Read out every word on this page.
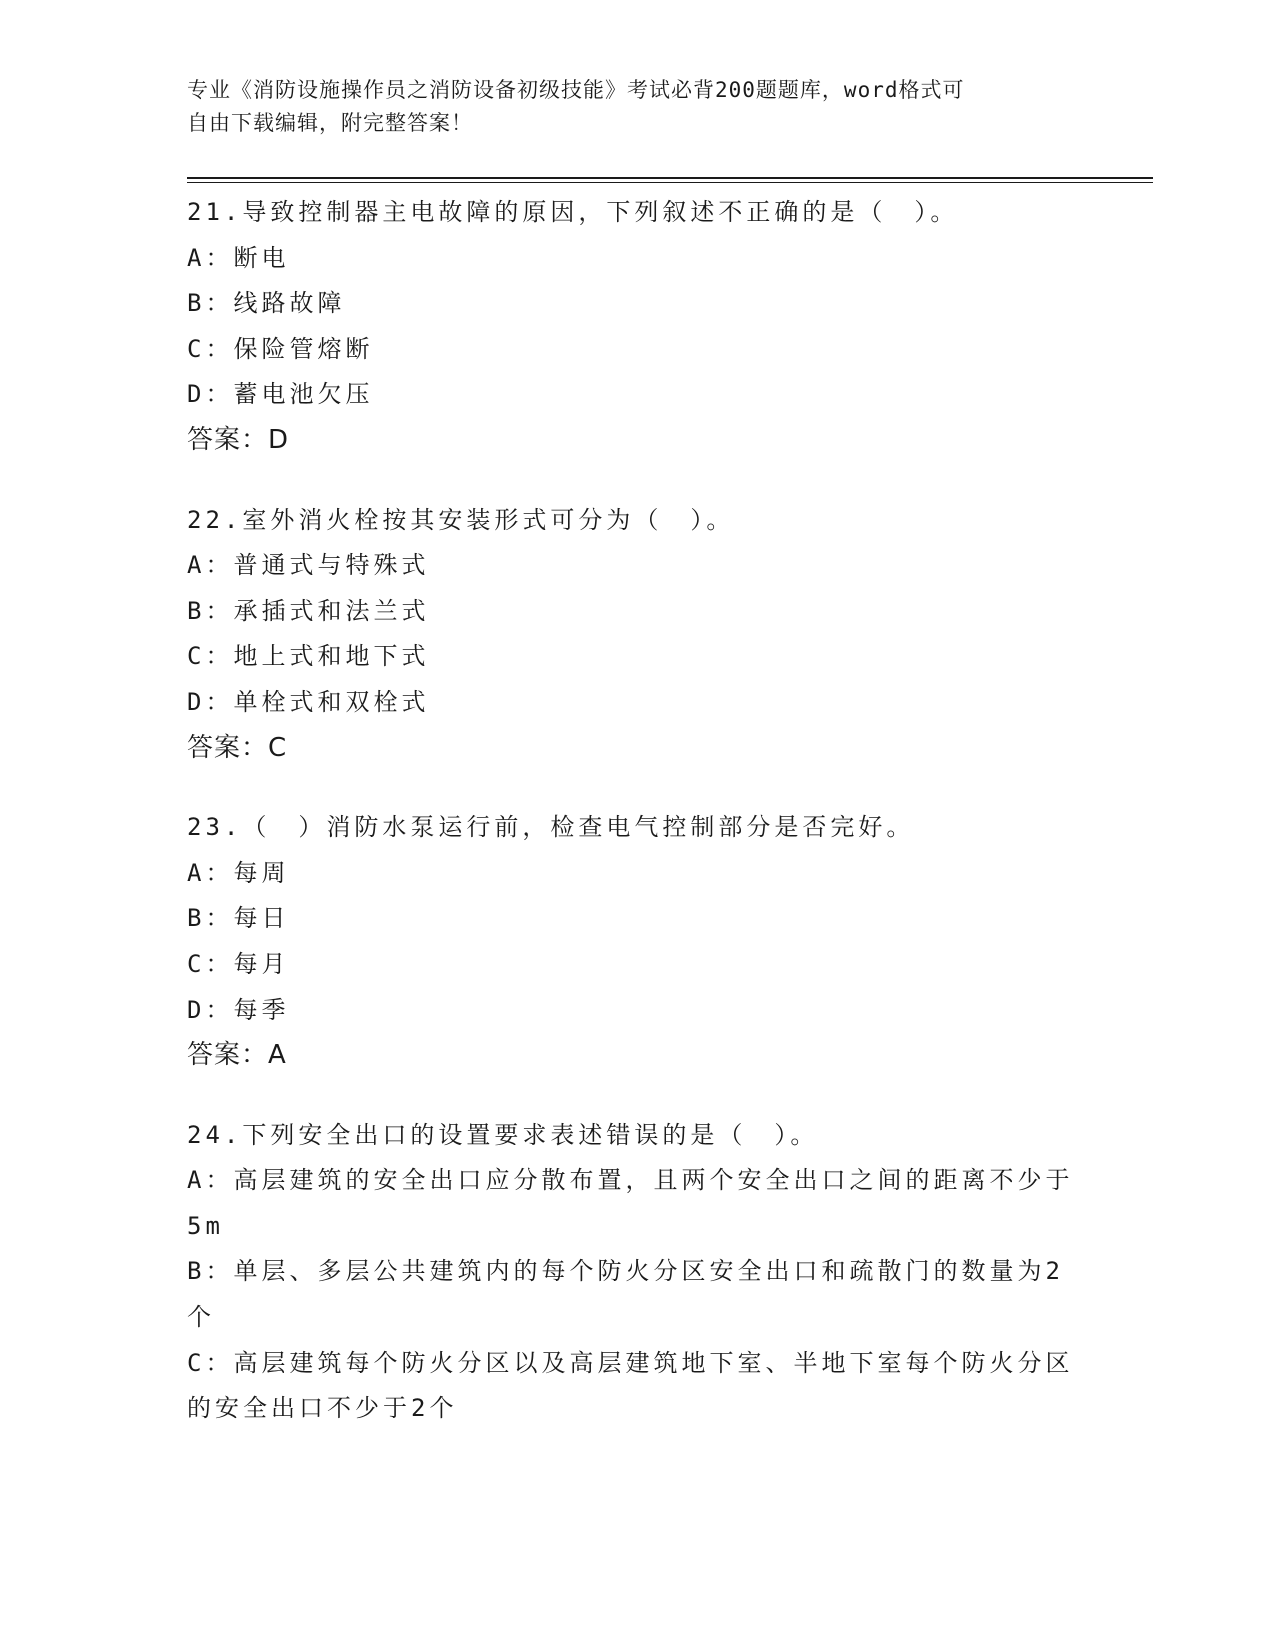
专业《消防设施操作员之消防设备初级技能》考试必背200题题库，word格式可
自由下载编辑，附完整答案！
21.导致控制器主电故障的原因，下列叙述不正确的是（　）。
A：断电
B：线路故障
C：保险管熔断
D：蓄电池欠压
答案：D
22.室外消火栓按其安装形式可分为（　）。
A：普通式与特殊式
B：承插式和法兰式
C：地上式和地下式
D：单栓式和双栓式
答案：C
23.（　）消防水泵运行前，检查电气控制部分是否完好。
A：每周
B：每日
C：每月
D：每季
答案：A
24.下列安全出口的设置要求表述错误的是（　）。
A：高层建筑的安全出口应分散布置，且两个安全出口之间的距离不少于5m
B：单层、多层公共建筑内的每个防火分区安全出口和疏散门的数量为2个
C：高层建筑每个防火分区以及高层建筑地下室、半地下室每个防火分区的安全出口不少于2个
